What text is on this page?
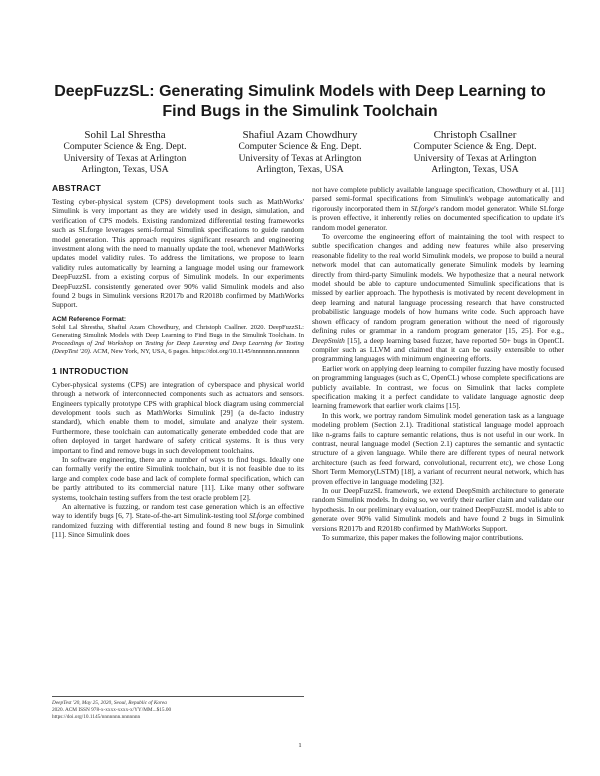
DeepFuzzSL: Generating Simulink Models with Deep Learning to Find Bugs in the Simulink Toolchain
Sohil Lal Shrestha
Computer Science & Eng. Dept.
University of Texas at Arlington
Arlington, Texas, USA
Shafiul Azam Chowdhury
Computer Science & Eng. Dept.
University of Texas at Arlington
Arlington, Texas, USA
Christoph Csallner
Computer Science & Eng. Dept.
University of Texas at Arlington
Arlington, Texas, USA
ABSTRACT

Testing cyber-physical system (CPS) development tools such as MathWorks' Simulink is very important as they are widely used in design, simulation, and verification of CPS models. Existing randomized differential testing frameworks such as SLforge leverages semi-formal Simulink specifications to guide random model generation. This approach requires significant research and engineering investment along with the need to manually update the tool, whenever MathWorks updates model validity rules. To address the limitations, we propose to learn validity rules automatically by learning a language model using our framework DeepFuzzSL from a existing corpus of Simulink models. In our experiments DeepFuzzSL consistently generated over 90% valid Simulink models and also found 2 bugs in Simulink versions R2017b and R2018b confirmed by MathWorks Support.

ACM Reference Format:
Sohil Lal Shrestha, Shafiul Azam Chowdhury, and Christoph Csallner. 2020. DeepFuzzSL: Generating Simulink Models with Deep Learning to Find Bugs in the Simulink Toolchain. In Proceedings of 2nd Workshop on Testing for Deep Learning and Deep Learning for Testing (DeepTest '20). ACM, New York, NY, USA, 6 pages. https://doi.org/10.1145/nnnnnnn.nnnnnnn
1 INTRODUCTION

Cyber-physical systems (CPS) are integration of cyberspace and physical world through a network of interconnected components such as actuators and sensors. Engineers typically prototype CPS with graphical block diagram using commercial development tools such as MathWorks Simulink [29] (a de-facto industry standard), which enable them to model, simulate and analyze their system. Furthermore, these toolchain can automatically generate embedded code that are often deployed in target hardware of safety critical systems. It is thus very important to find and remove bugs in such development toolchains.

In software engineering, there are a number of ways to find bugs. Ideally one can formally verify the entire Simulink toolchain, but it is not feasible due to its large and complex code base and lack of complete formal specification, which can be partly attributed to its commercial nature [11]. Like many other software systems, toolchain testing suffers from the test oracle problem [2].

An alternative is fuzzing, or random test case generation which is an effective way to identify bugs [6, 7]. State-of-the-art Simulink-testing tool SLforge combined randomized fuzzing with differential testing and found 8 new bugs in Simulink [11]. Since Simulink does

not have complete publicly available language specification, Chowdhury et al. [11] parsed semi-formal specifications from Simulink's webpage automatically and rigorously incorporated them in SLforge's random model generator. While SLforge is proven effective, it inherently relies on documented specification to update it's random model generator.

To overcome the engineering effort of maintaining the tool with respect to subtle specification changes and adding new features while also preserving reasonable fidelity to the real world Simulink models, we propose to build a neural network model that can automatically generate Simulink models by learning directly from third-party Simulink models. We hypothesize that a neural network model should be able to capture undocumented Simulink specifications that is missed by earlier approach. The hypothesis is motivated by recent development in deep learning and natural language processing research that have constructed probabilistic language models of how humans write code. Such approach have shown efficacy of random program generation without the need of rigorously defining rules or grammar in a random program generator [15, 25]. For e.g., DeepSmith [15], a deep learning based fuzzer, have reported 50+ bugs in OpenCL compiler such as LLVM and claimed that it can be easily extensible to other programming languages with minimum engineering efforts.

Earlier work on applying deep learning to compiler fuzzing have mostly focused on programming languages (such as C, OpenCL) whose complete specifications are publicly available. In contrast, we focus on Simulink that lacks complete specification making it a perfect candidate to validate language agnostic deep learning framework that earlier work claims [15].

In this work, we portray random Simulink model generation task as a language modeling problem (Section 2.1). Traditional statistical language model approach like n-grams fails to capture semantic relations, thus is not useful in our work. In contrast, neural language model (Section 2.1) captures the semantic and syntactic structure of a given language. While there are different types of neural network architecture (such as feed forward, convolutional, recurrent etc), we chose Long Short Term Memory(LSTM) [18], a variant of recurrent neural network, which has proven effective in language modeling [32].

In our DeepFuzzSL framework, we extend DeepSmith architecture to generate random Simulink models. In doing so, we verify their earlier claim and validate our hypothesis. In our preliminary evaluation, our trained DeepFuzzSL model is able to generate over 90% valid Simulink models and have found 2 bugs in Simulink versions R2017b and R2018b confirmed by MathWorks Support.

To summarize, this paper makes the following major contributions.

DeepTest '20, May 25, 2020, Seoul, Republic of Korea
2020. ACM ISSN 978-x-xxxx-xxxx-x/YY/MM...$15.00
https://doi.org/10.1145/nnnnnnn.nnnnnnn
1
